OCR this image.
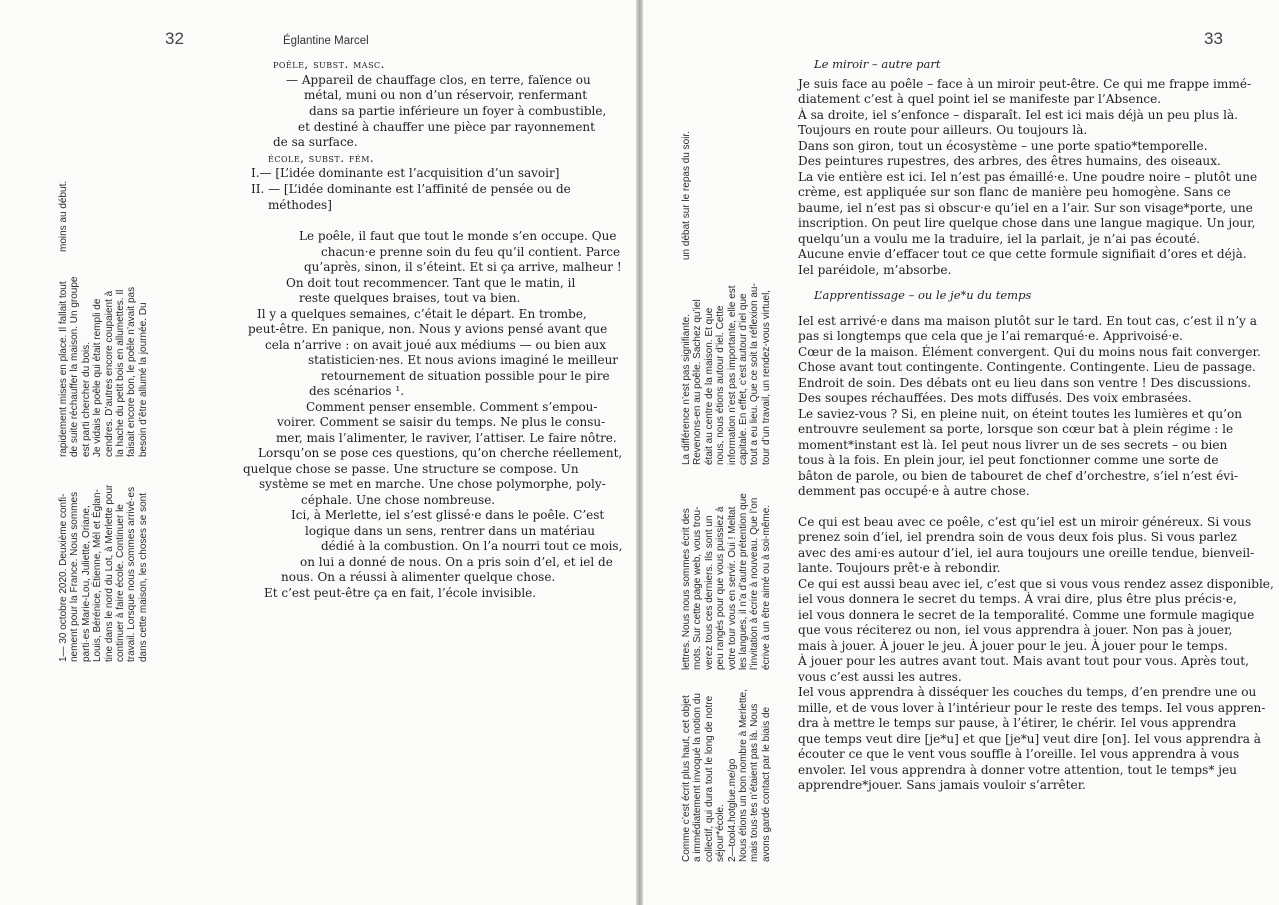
32	Églantine Marcel
1— 30 octobre 2020. Deuxième confi- nement pour la France. Nous sommes parti·es Marie-Lou, Juliette, Oriane, Louis, Bérénice, Étienne, Mél et Églan- tine dans le nord du Lot, à Merlette pour continuer à faire école. Continuer le travail. Lorsque nous sommes arrivé·es dans cette maison, les choses se sont
rapidement mises en place. Il fallait tout de suite réchauffer la maison. Un groupe est parti chercher du bois. Je vidais le poêle qui était rempli de cendres. D’autres encore coupaient à la hache du petit bois en allumettes. Il faisait encore bon, le poêle n’avait pas besoin d’être allumé la journée. Du
moins au début.
poêle, subst. masc.
— Appareil de chauffage clos, en terre, faïence ou
métal, muni ou non d’un réservoir, renfermant
dans sa partie inférieure un foyer à combustible,
et destiné à chauffer une pièce par rayonnement
de sa surface.
école, subst. fém.
I.— [L’idée dominante est l’acquisition d’un savoir]
II. — [L’idée dominante est l’affinité de pensée ou de
méthodes]
Le poêle, il faut que tout le monde s’en occupe. Que
chacun·e prenne soin du feu qu’il contient. Parce
qu’après, sinon, il s’éteint. Et si ça arrive, malheur !
On doit tout recommencer. Tant que le matin, il
reste quelques braises, tout va bien.
Il y a quelques semaines, c’était le départ. En trombe,
peut-être. En panique, non. Nous y avions pensé avant que
cela n’arrive : on avait joué aux médiums — ou bien aux
statisticien·nes. Et nous avions imaginé le meilleur
retournement de situation possible pour le pire
des scénarios ¹.
Comment penser ensemble. Comment s’empou-
voirer. Comment se saisir du temps. Ne plus le consu-
mer, mais l’alimenter, le raviver, l’attiser. Le faire nôtre.
Lorsqu’on se pose ces questions, qu’on cherche réellement,
quelque chose se passe. Une structure se compose. Un
système se met en marche. Une chose polymorphe, poly-
céphale. Une chose nombreuse.
Ici, à Merlette, iel s’est glissé·e dans le poêle. C’est
logique dans un sens, rentrer dans un matériau
dédié à la combustion. On l’a nourri tout ce mois,
on lui a donné de nous. On a pris soin d’el, et iel de
nous. On a réussi à alimenter quelque chose.
Et c’est peut-être ça en fait, l’école invisible.
33
Comme c’est écrit plus haut, cet objet a immédiatement invoqué la notion du collectif, qui dura tout le long de notre séjour*école. 2—tool4.hotglue.me/go Nous étions un bon nombre à Merlette, mais tous·tes n’étaient pas là. Nous avons gardé contact par le biais de
lettres. Nous nous sommes écrit des mots. Sur cette page web, vous trou- verez tous ces derniers. Ils sont un peu rangés pour que vous puissiez à votre tour vous en servir. Oui ! Meltat les langues, il n’a d’autre prétention que l’invitation à écrire à nouveau. Que l’on écrive à un être aimé ou à soi-même.
La différence n’est pas signifiante. Revenons-en au poêle. Sachez qu’iel était au centre de la maison. Et que nous, nous étions autour d’iel. Cette information n’est pas importante, elle est capitale. En effet, c’est autour d’iel que tout a eu lieu. Que ce soit la réflexion au- tour d’un travail, un rendez-vous virtuel,
un débat sur le repas du soir.
Le miroir – autre part
Je suis face au poêle – face à un miroir peut-être. Ce qui me frappe immé-
diatement c’est à quel point iel se manifeste par l’Absence.
À sa droite, iel s’enfonce – disparaît. Iel est ici mais déjà un peu plus là.
Toujours en route pour ailleurs. Ou toujours là.
Dans son giron, tout un écosystème – une porte spatio*temporelle.
Des peintures rupestres, des arbres, des êtres humains, des oiseaux.
La vie entière est ici. Iel n’est pas émaillé·e. Une poudre noire – plutôt une
crème, est appliquée sur son flanc de manière peu homogène. Sans ce
baume, iel n’est pas si obscur·e qu’iel en a l’air. Sur son visage*porte, une
inscription. On peut lire quelque chose dans une langue magique. Un jour,
quelqu’un a voulu me la traduire, iel la parlait, je n’ai pas écouté.
Aucune envie d’effacer tout ce que cette formule signifiait d’ores et déjà.
Iel paréidole, m’absorbe.
L’apprentissage – ou le je*u du temps
Iel est arrivé·e dans ma maison plutôt sur le tard. En tout cas, c’est il n’y a
pas si longtemps que cela que je l’ai remarqué·e. Apprivoisé·e.
Cœur de la maison. Élément convergent. Qui du moins nous fait converger.
Chose avant tout contingente. Contingente. Contingente. Lieu de passage.
Endroit de soin. Des débats ont eu lieu dans son ventre ! Des discussions.
Des soupes réchauffées. Des mots diffusés. Des voix embrasées.
Le saviez-vous ? Si, en pleine nuit, on éteint toutes les lumières et qu’on
entrouvre seulement sa porte, lorsque son cœur bat à plein régime : le
moment*instant est là. Iel peut nous livrer un de ses secrets – ou bien
tous à la fois. En plein jour, iel peut fonctionner comme une sorte de
bâton de parole, ou bien de tabouret de chef d’orchestre, s’iel n’est évi-
demment pas occupé·e à autre chose.
Ce qui est beau avec ce poêle, c’est qu’iel est un miroir généreux. Si vous
prenez soin d’iel, iel prendra soin de vous deux fois plus. Si vous parlez
avec des ami·es autour d’iel, iel aura toujours une oreille tendue, bienveil-
lante. Toujours prêt·e à rebondir.
Ce qui est aussi beau avec iel, c’est que si vous vous rendez assez disponible,
iel vous donnera le secret du temps. À vrai dire, plus être plus précis·e,
iel vous donnera le secret de la temporalité. Comme une formule magique
que vous réciterez ou non, iel vous apprendra à jouer. Non pas à jouer,
mais à jouer. À jouer le jeu. À jouer pour le jeu. À jouer pour le temps.
À jouer pour les autres avant tout. Mais avant tout pour vous. Après tout,
vous c’est aussi les autres.
Iel vous apprendra à disséquer les couches du temps, d’en prendre une ou
mille, et de vous lover à l’intérieur pour le reste des temps. Iel vous appren-
dra à mettre le temps sur pause, à l’étirer, le chérir. Iel vous apprendra
que temps veut dire [je*u] et que [je*u] veut dire [on]. Iel vous apprendra à
écouter ce que le vent vous souffle à l’oreille. Iel vous apprendra à vous
envoler. Iel vous apprendra à donner votre attention, tout le temps* jeu
apprendre*jouer. Sans jamais vouloir s’arrêter.
